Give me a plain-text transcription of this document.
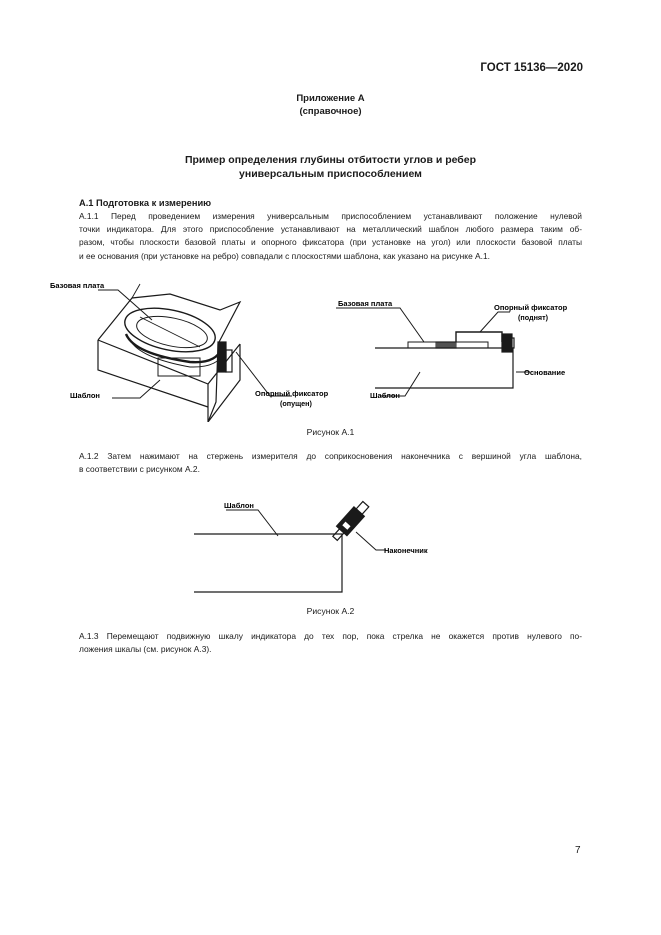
ГОСТ 15136—2020
Приложение А
(справочное)
Пример определения глубины отбитости углов и ребер
универсальным приспособлением
А.1 Подготовка к измерению
А.1.1 Перед проведением измерения универсальным приспособлением устанавливают положение нулевой
точки индикатора. Для этого приспособление устанавливают на металлический шаблон любого размера таким об-
разом, чтобы плоскости базовой платы и опорного фиксатора (при установке на угол) или плоскости базовой платы
и ее основания (при установке на ребро) совпадали с плоскостями шаблона, как указано на рисунке А.1.
Базовая плата
Шаблон	Опорный фиксатор
(опущен)
Базовая плата	Опорный фиксатор
(поднят)
Основание
Шаблон
Рисунок А.1
А.1.2 Затем нажимают на стержень измерителя до соприкосновения наконечника с вершиной угла шаблона,
в соответствии с рисунком А.2.
Шаблон
Наконечник
Рисунок А.2
А.1.3 Перемещают подвижную шкалу индикатора до тех пор, пока стрелка не окажется против нулевого по-
ложения шкалы (см. рисунок А.3).
7
